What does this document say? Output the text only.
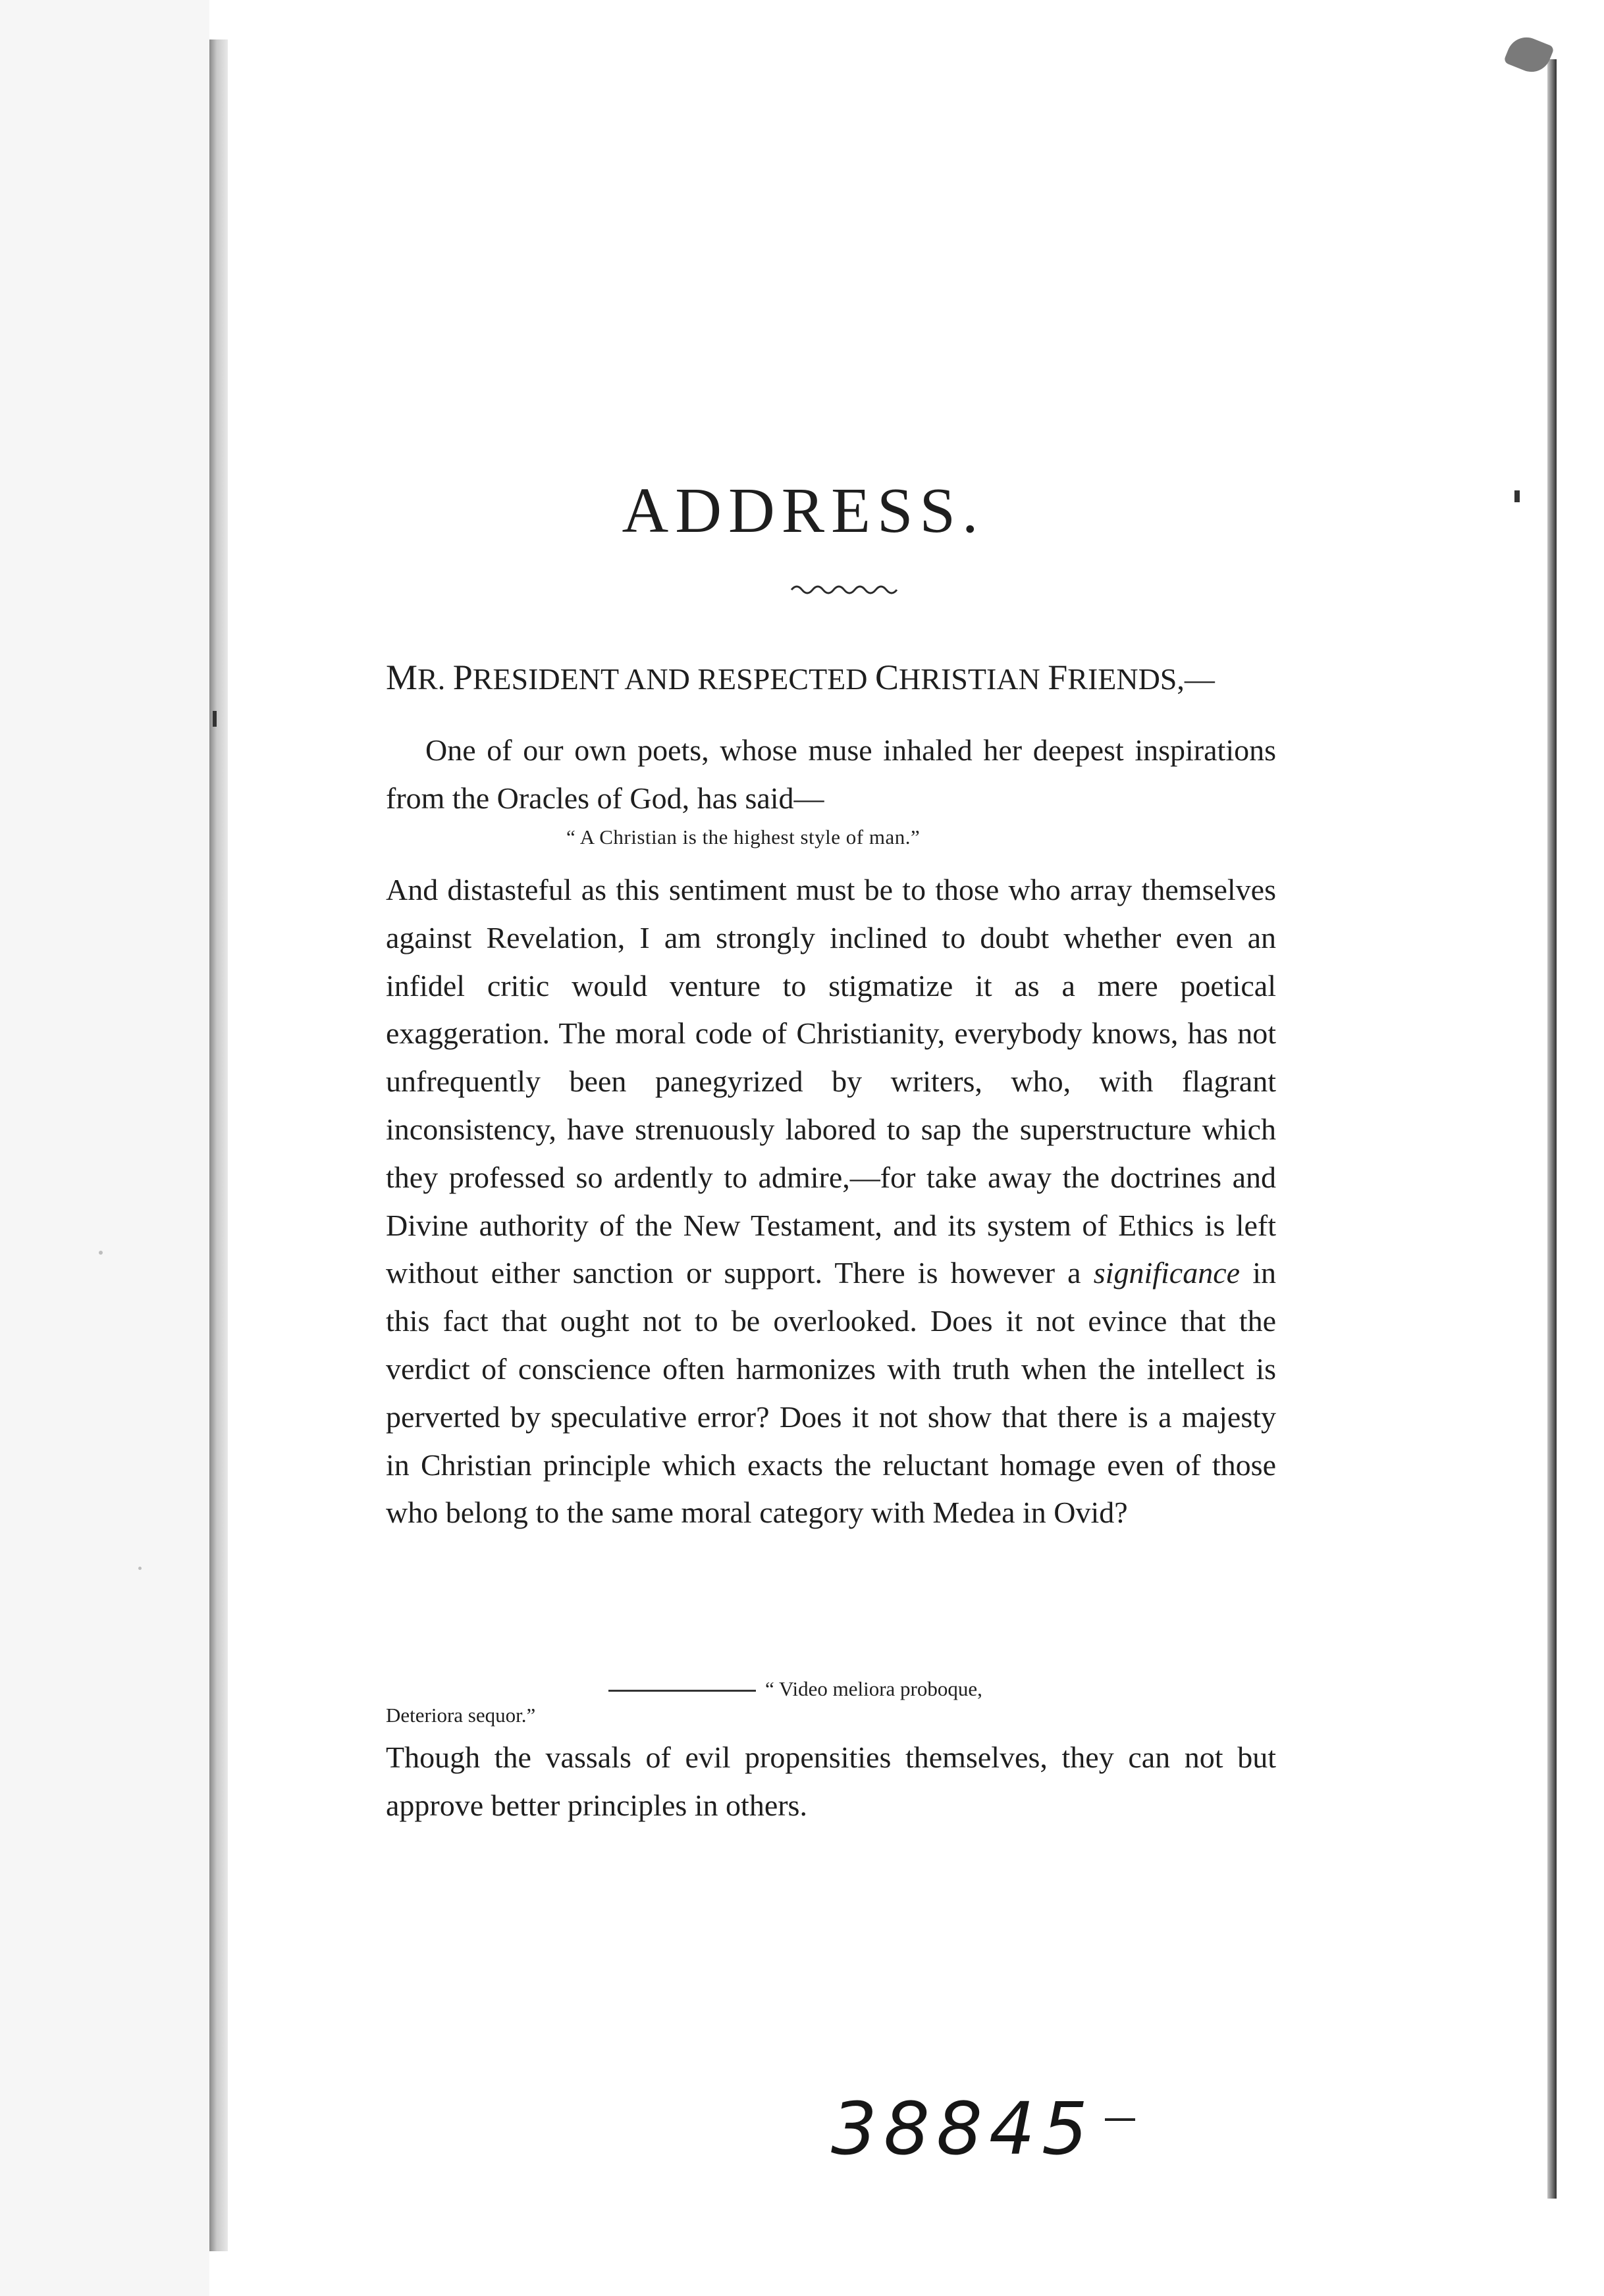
ADDRESS.
MR. PRESIDENT AND RESPECTED CHRISTIAN FRIENDS,—

One of our own poets, whose muse inhaled her deepest inspirations from the Oracles of God, has said—

“ A Christian is the highest style of man.”

And distasteful as this sentiment must be to those who array themselves against Revelation, I am strongly inclined to doubt whether even an infidel critic would venture to stigmatize it as a mere poetical exaggeration. The moral code of Christianity, everybody knows, has not unfrequently been panegyrized by writers, who, with flagrant inconsistency, have strenuously labored to sap the superstructure which they professed so ardently to admire,—for take away the doctrines and Divine authority of the New Testament, and its system of Ethics is left without either sanction or support. There is however a significance in this fact that ought not to be overlooked. Does it not evince that the verdict of conscience often harmonizes with truth when the intellect is perverted by speculative error? Does it not show that there is a majesty in Christian principle which exacts the reluctant homage even of those who belong to the same moral category with Medea in Ovid?

“ Video meliora proboque,
Deteriora sequor.”

Though the vassals of evil propensities themselves, they can not but approve better principles in others.

38845
